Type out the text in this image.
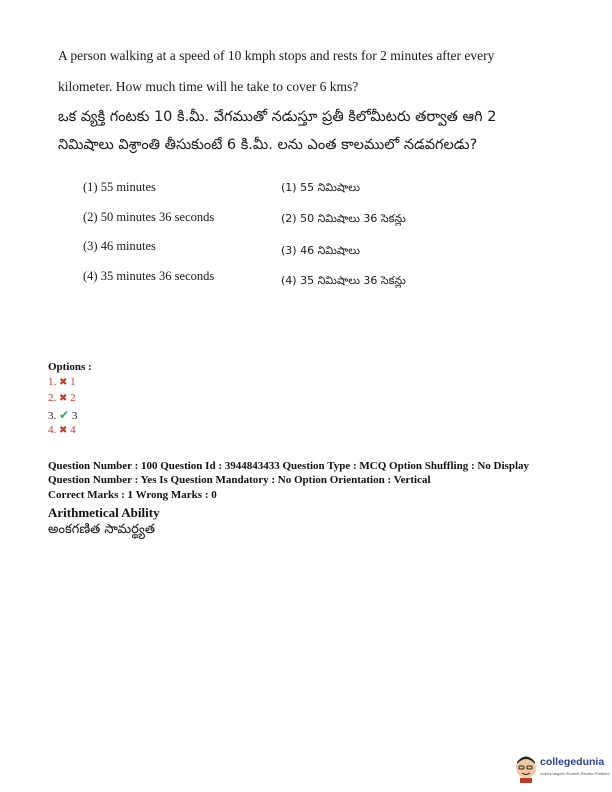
A person walking at a speed of 10 kmph stops and rests for 2 minutes after every
kilometer. How much time will he take to cover 6 kms?
ఒక వ్యక్తి గంటకు 10 కి.మీ. వేగముతో నడుస్తూ ప్రతీ కిలోమీటరు తర్వాత ఆగి 2
నిమిషాలు విశ్రాంతి తీసుకుంటే 6 కి.మీ. లను ఎంత కాలములో నడవగలడు?
(1) 55 minutes	(1) 55 నిమిషాలు
(2) 50 minutes 36 seconds	(2) 50 నిమిషాలు 36 సెకన్లు
(3) 46 minutes	(3) 46 నిమిషాలు
(4) 35 minutes 36 seconds	(4) 35 నిమిషాలు 36 సెకన్లు
Options :
1. ✖ 1
2. ✖ 2
3. ✔ 3
4. ✖ 4
Question Number : 100 Question Id : 3944843433 Question Type : MCQ Option Shuffling : No Display
Question Number : Yes Is Question Mandatory : No Option Orientation : Vertical
Correct Marks : 1 Wrong Marks : 0
Arithmetical Ability
అంకగణిత సామర్థ్యత
collegedunia
India's largest Student Review Platform
